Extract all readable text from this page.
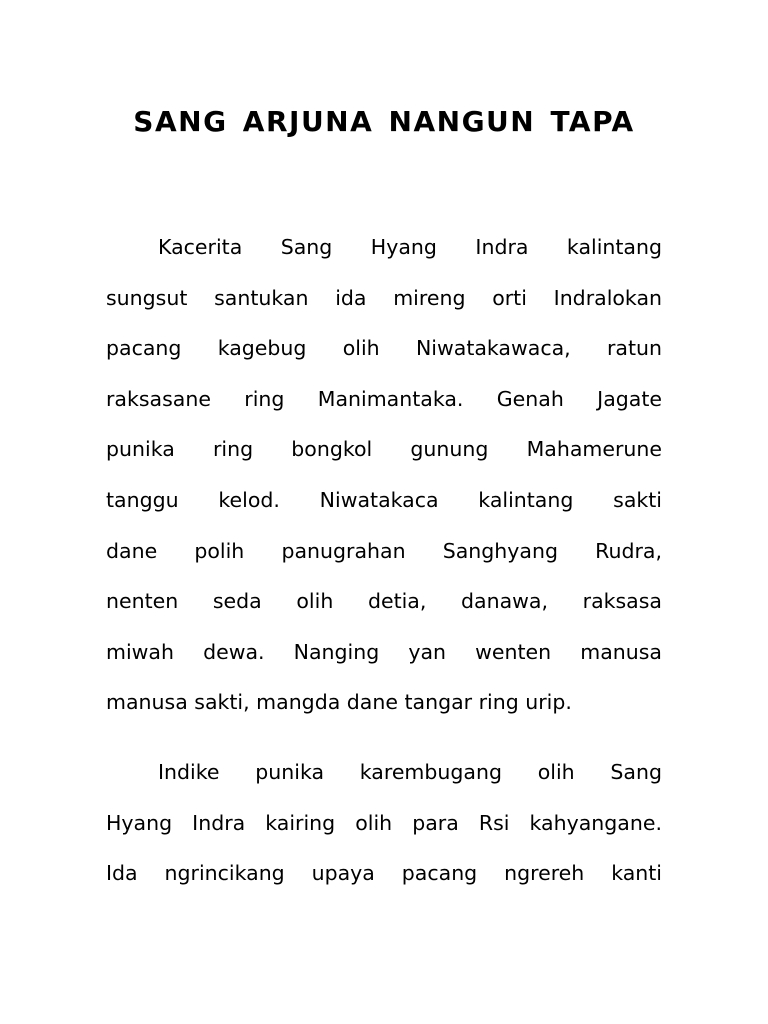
SANG ARJUNA NANGUN TAPA
Kacerita Sang Hyang Indra kalintang
sungsut santukan ida mireng orti Indralokan
pacang kagebug olih Niwatakawaca, ratun
raksasane ring Manimantaka. Genah Jagate
punika ring bongkol gunung Mahamerune
tanggu kelod. Niwatakaca kalintang sakti
dane polih panugrahan Sanghyang Rudra,
nenten seda olih detia, danawa, raksasa
miwah dewa. Nanging yan wenten manusa
manusa sakti, mangda dane tangar ring urip.
Indike punika karembugang olih Sang
Hyang Indra kairing olih para Rsi kahyangane.
Ida ngrincikang upaya pacang ngrereh kanti
